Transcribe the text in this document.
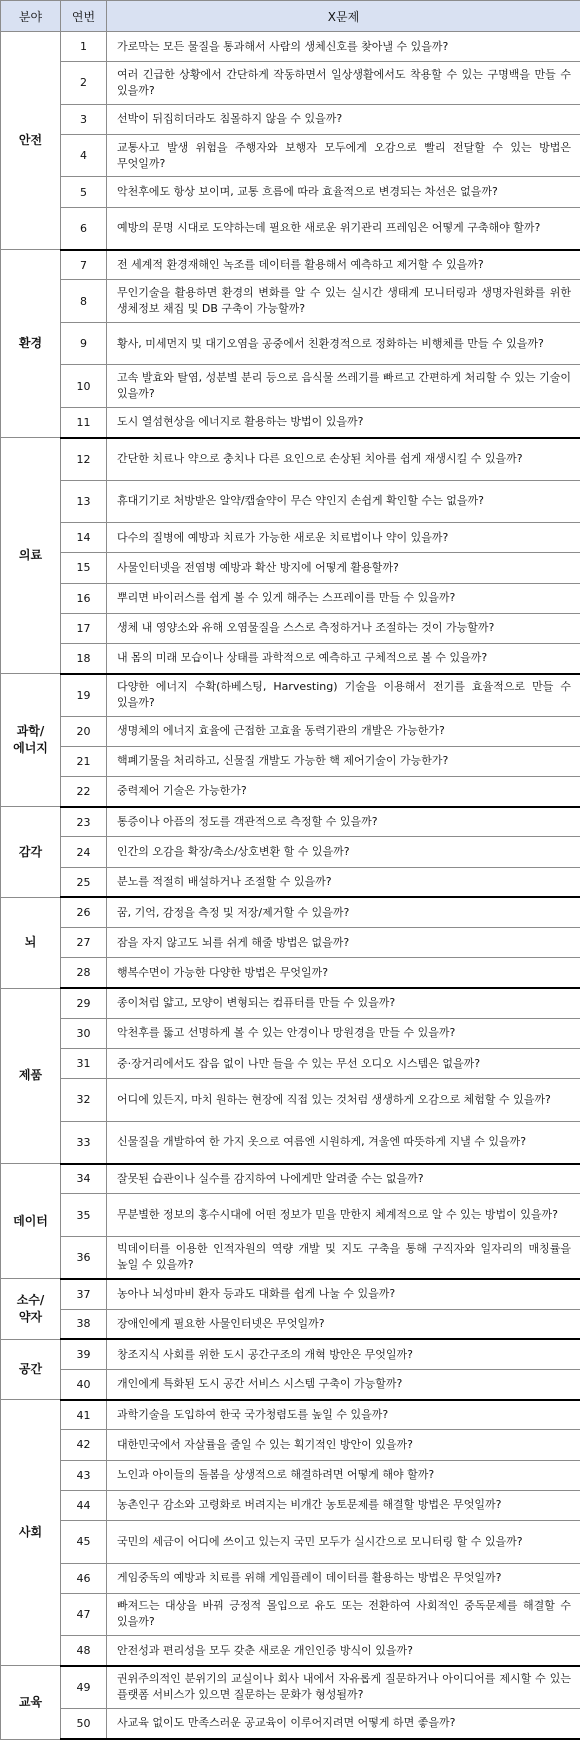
분야	연번	X문제
안전	1	가로막는 모든 물질을 통과해서 사람의 생체신호를 찾아낼 수 있을까?
	2	여러 긴급한 상황에서 간단하게 작동하면서 일상생활에서도 착용할 수 있는 구명백을 만들 수 있을까?
	3	선박이 뒤집히더라도 침몰하지 않을 수 있을까?
	4	교통사고 발생 위험을 주행자와 보행자 모두에게 오감으로 빨리 전달할 수 있는 방법은 무엇일까?
	5	악천후에도 항상 보이며, 교통 흐름에 따라 효율적으로 변경되는 차선은 없을까?
	6	예방의 문명 시대로 도약하는데 필요한 새로운 위기관리 프레임은 어떻게 구축해야 할까?
환경	7	전 세계적 환경재해인 녹조를 데이터를 활용해서 예측하고 제거할 수 있을까?
	8	무인기술을 활용하면 환경의 변화를 알 수 있는 실시간 생태계 모니터링과 생명자원화를 위한 생체정보 채집 및 DB 구축이 가능할까?
	9	황사, 미세먼지 및 대기오염을 공중에서 친환경적으로 정화하는 비행체를 만들 수 있을까?
	10	고속 발효와 탈염, 성분별 분리 등으로 음식물 쓰레기를 빠르고 간편하게 처리할 수 있는 기술이 있을까?
	11	도시 열섬현상을 에너지로 활용하는 방법이 있을까?
의료	12	간단한 치료나 약으로 충치나 다른 요인으로 손상된 치아를 쉽게 재생시킬 수 있을까?
	13	휴대기기로 처방받은 알약/캡슐약이 무슨 약인지 손쉽게 확인할 수는 없을까?
	14	다수의 질병에 예방과 치료가 가능한 새로운 치료법이나 약이 있을까?
	15	사물인터넷을 전염병 예방과 확산 방지에 어떻게 활용할까?
	16	뿌리면 바이러스를 쉽게 볼 수 있게 해주는 스프레이를 만들 수 있을까?
	17	생체 내 영양소와 유해 오염물질을 스스로 측정하거나 조절하는 것이 가능할까?
	18	내 몸의 미래 모습이나 상태를 과학적으로 예측하고 구체적으로 볼 수 있을까?
과학/
에너지	19	다양한 에너지 수확(하베스팅, Harvesting) 기술을 이용해서 전기를 효율적으로 만들 수 있을까?
	20	생명체의 에너지 효율에 근접한 고효율 동력기관의 개발은 가능한가?
	21	핵폐기물을 처리하고, 신물질 개발도 가능한 핵 제어기술이 가능한가?
	22	중력제어 기술은 가능한가?
감각	23	통증이나 아픔의 정도를 객관적으로 측정할 수 있을까?
	24	인간의 오감을 확장/축소/상호변환 할 수 있을까?
	25	분노를 적절히 배설하거나 조절할 수 있을까?
뇌	26	꿈, 기억, 감정을 측정 및 저장/제거할 수 있을까?
	27	잠을 자지 않고도 뇌를 쉬게 해줄 방법은 없을까?
	28	행복수면이 가능한 다양한 방법은 무엇일까?
제품	29	종이처럼 얇고, 모양이 변형되는 컴퓨터를 만들 수 있을까?
	30	악천후를 뚫고 선명하게 볼 수 있는 안경이나 망원경을 만들 수 있을까?
	31	중·장거리에서도 잡음 없이 나만 들을 수 있는 무선 오디오 시스템은 없을까?
	32	어디에 있든지, 마치 원하는 현장에 직접 있는 것처럼 생생하게 오감으로 체험할 수 있을까?
	33	신물질을 개발하여 한 가지 옷으로 여름엔 시원하게, 겨울엔 따뜻하게 지낼 수 있을까?
데이터	34	잘못된 습관이나 실수를 감지하여 나에게만 알려줄 수는 없을까?
	35	무분별한 정보의 홍수시대에 어떤 정보가 믿을 만한지 체계적으로 알 수 있는 방법이 있을까?
	36	빅데이터를 이용한 인적자원의 역량 개발 및 지도 구축을 통해 구직자와 일자리의 매칭률을 높일 수 있을까?
소수/
약자	37	농아나 뇌성마비 환자 등과도 대화를 쉽게 나눌 수 있을까?
	38	장애인에게 필요한 사물인터넷은 무엇일까?
공간	39	창조지식 사회를 위한 도시 공간구조의 개혁 방안은 무엇일까?
	40	개인에게 특화된 도시 공간 서비스 시스템 구축이 가능할까?
사회	41	과학기술을 도입하여 한국 국가청렴도를 높일 수 있을까?
	42	대한민국에서 자살률을 줄일 수 있는 획기적인 방안이 있을까?
	43	노인과 아이들의 돌봄을 상생적으로 해결하려면 어떻게 해야 할까?
	44	농촌인구 감소와 고령화로 버려지는 비개간 농토문제를 해결할 방법은 무엇일까?
	45	국민의 세금이 어디에 쓰이고 있는지 국민 모두가 실시간으로 모니터링 할 수 있을까?
	46	게임중독의 예방과 치료를 위해 게임플레이 데이터를 활용하는 방법은 무엇일까?
	47	빠져드는 대상을 바꿔 긍정적 몰입으로 유도 또는 전환하여 사회적인 중독문제를 해결할 수 있을까?
	48	안전성과 편리성을 모두 갖춘 새로운 개인인증 방식이 있을까?
교육	49	권위주의적인 분위기의 교실이나 회사 내에서 자유롭게 질문하거나 아이디어를 제시할 수 있는 플랫폼 서비스가 있으면 질문하는 문화가 형성될까?
	50	사교육 없이도 만족스러운 공교육이 이루어지려면 어떻게 하면 좋을까?
